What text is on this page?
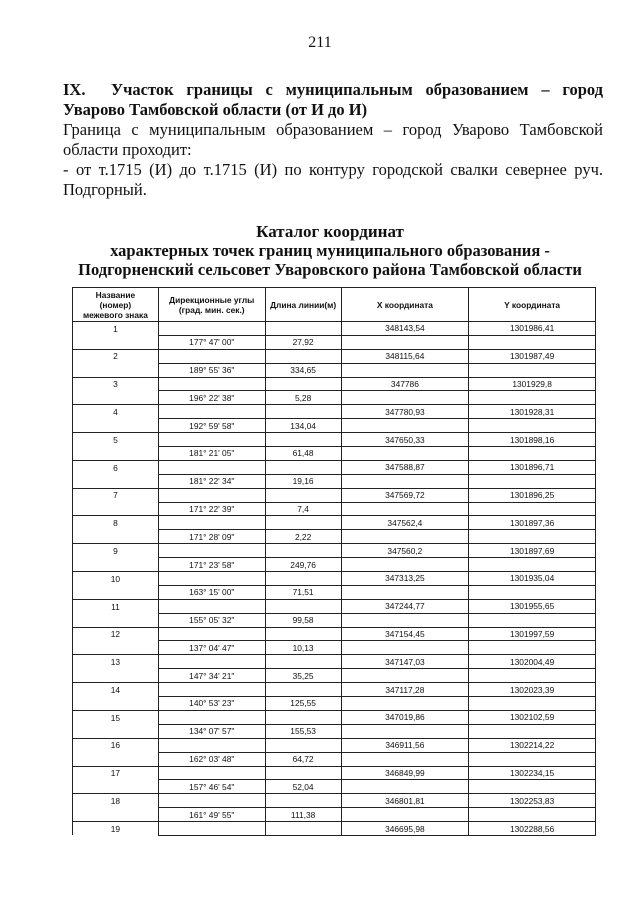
211

IX. Участок границы с муниципальным образованием – город Уварово Тамбовской области (от И до И)

Граница с муниципальным образованием – город Уварово Тамбовской области проходит:

- от т.1715 (И) до т.1715 (И) по контуру городской свалки севернее руч. Подгорный.

Каталог координат
характерных точек границ муниципального образования -
Подгорненский сельсовет Уваровского района Тамбовской области
Название
(номер)
межевого знака	Дирекционные углы
(град. мин. сек.)	Длина линии(м)	X координата	Y координата
1			348143,54	1301986,41
	177° 47' 00"	27,92		
2			348115,64	1301987,49
	189° 55' 36"	334,65		
3			347786	1301929,8
	196° 22' 38"	5,28		
4			347780,93	1301928,31
	192° 59' 58"	134,04		
5			347650,33	1301898,16
	181° 21' 05"	61,48		
6			347588,87	1301896,71
	181° 22' 34"	19,16		
7			347569,72	1301896,25
	171° 22' 39"	7,4		
8			347562,4	1301897,36
	171° 28' 09"	2,22		
9			347560,2	1301897,69
	171° 23' 58"	249,76		
10			347313,25	1301935,04
	163° 15' 00"	71,51		
11			347244,77	1301955,65
	155° 05' 32"	99,58		
12			347154,45	1301997,59
	137° 04' 47"	10,13		
13			347147,03	1302004,49
	147° 34' 21"	35,25		
14			347117,28	1302023,39
	140° 53' 23"	125,55		
15			347019,86	1302102,59
	134° 07' 57"	155,53		
16			346911,56	1302214,22
	162° 03' 48"	64,72		
17			346849,99	1302234,15
	157° 46' 54"	52,04		
18			346801,81	1302253,83
	161° 49' 55"	111,38		
19			346695,98	1302288,56
